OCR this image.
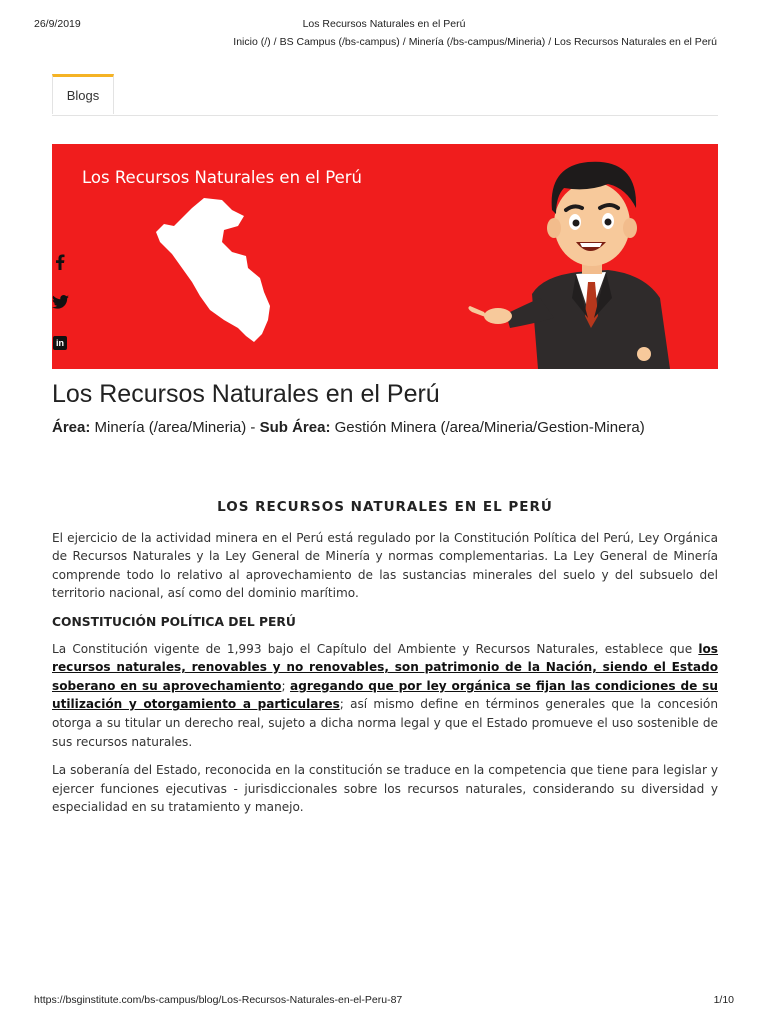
26/9/2019	Los Recursos Naturales en el Perú
Inicio (/) / BS Campus (/bs-campus) / Minería (/bs-campus/Mineria) / Los Recursos Naturales en el Perú
Blogs
Los Recursos Naturales en el Perú
in
Los Recursos Naturales en el Perú
Área: Minería (/area/Mineria) - Sub Área: Gestión Minera (/area/Mineria/Gestion-Minera)
LOS RECURSOS NATURALES EN EL PERÚ

El ejercicio de la actividad minera en el Perú está regulado por la Constitución Política del Perú, Ley Orgánica de Recursos Naturales y la Ley General de Minería y normas complementarias. La Ley General de Minería comprende todo lo relativo al aprovechamiento de las sustancias minerales del suelo y del subsuelo del territorio nacional, así como del dominio marítimo.

CONSTITUCIÓN POLÍTICA DEL PERÚ

La Constitución vigente de 1,993 bajo el Capítulo del Ambiente y Recursos Naturales, establece que los recursos naturales, renovables y no renovables, son patrimonio de la Nación, siendo el Estado soberano en su aprovechamiento; agregando que por ley orgánica se fijan las condiciones de su utilización y otorgamiento a particulares; así mismo define en términos generales que la concesión otorga a su titular un derecho real, sujeto a dicha norma legal y que el Estado promueve el uso sostenible de sus recursos naturales.

La soberanía del Estado, reconocida en la constitución se traduce en la competencia que tiene para legislar y ejercer funciones ejecutivas - jurisdiccionales sobre los recursos naturales, considerando su diversidad y especialidad en su tratamiento y manejo.

https://bsginstitute.com/bs-campus/blog/Los-Recursos-Naturales-en-el-Peru-87	1/10
